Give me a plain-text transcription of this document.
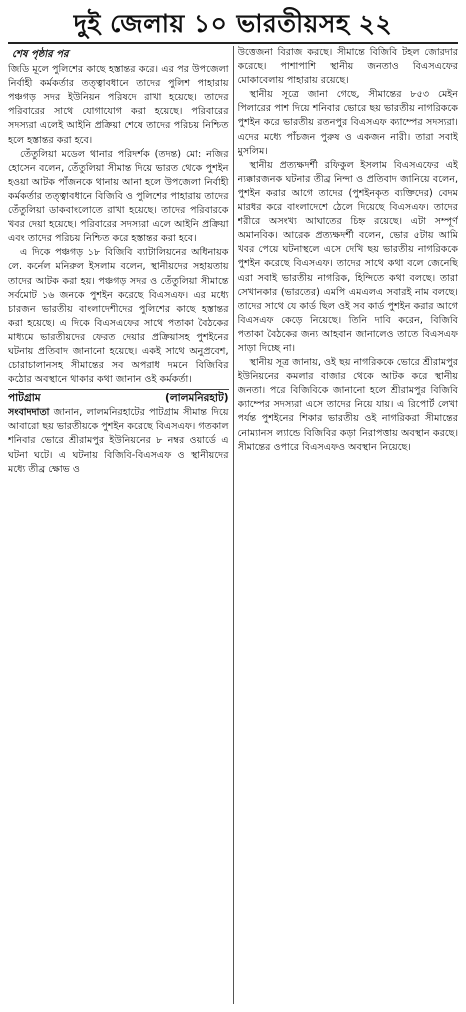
দুই জেলায় ১০ ভারতীয়সহ ২২
শেষ পৃষ্ঠার পর

জিডি মূলে পুলিশের কাছে হস্তান্তর করে। এর পর উপজেলা নির্বাহী কর্মকর্তার তত্ত্বাবধানে তাদের পুলিশ পাহারায় পঞ্চগড় সদর ইউনিয়ন পরিষদে রাখা হয়েছে। তাদের পরিবারের সাথে যোগাযোগ করা হয়েছে। পরিবারের সদস্যরা এলেই আইনি প্রক্রিয়া শেষে তাদের পরিচয় নিশ্চিত হলে হস্তান্তর করা হবে।

তেঁতুলিয়া মডেল থানার পরিদর্শক (তদন্ত) মো: নজির হোসেন বলেন, তেঁতুলিয়া সীমান্ত দিয়ে ভারত থেকে পুশইন হওয়া আটক পাঁজনকে থানায় আনা হলে উপজেলা নির্বাহী কর্মকর্তার তত্ত্বাবধানে বিজিবি ও পুলিশের পাহারায় তাদের তেঁতুলিয়া ডাকবাংলোতে রাখা হয়েছে। তাদের পরিবারকে খবর দেয়া হয়েছে। পরিবারের সদস্যরা এলে আইনি প্রক্রিয়া এবং তাদের পরিচয় নিশ্চিত করে হস্তান্তর করা হবে।

এ দিকে পঞ্চগড় ১৮ বিজিবি ব্যাটালিয়নের অধিনায়ক লে. কর্নেল মনিরুল ইসলাম বলেন, স্থানীয়দের সহায়তায় তাদের আটক করা হয়। পঞ্চগড় সদর ও তেঁতুলিয়া সীমান্তে সর্বমোট ১৬ জনকে পুশইন করেছে বিএসএফ। এর মধ্যে চারজন ভারতীয় বাংলাদেশীদের পুলিশের কাছে হস্তান্তর করা হয়েছে। এ দিকে বিএসএফের সাথে পতাকা বৈঠকের মাধ্যমে ভারতীয়দের ফেরত দেয়ার প্রক্রিয়াসহ পুশইনের ঘটনায় প্রতিবাদ জানানো হয়েছে। একই সাথে অনুপ্রবেশ, চোরাচালানসহ সীমান্তের সব অপরাধ দমনে বিজিবির কঠোর অবস্থানে থাকার কথা জানান ওই কর্মকর্তা।

পাটগ্রাম	(লালমনিরহাট)

সংবাদদাতা জানান, লালমনিরহাটের পাটগ্রাম সীমান্ত দিয়ে আবারো ছয় ভারতীয়কে পুশইন করেছে বিএসএফ। গতকাল শনিবার ভোরে শ্রীরামপুর ইউনিয়নের ৮ নম্বর ওয়ার্ডে এ ঘটনা ঘটে। এ ঘটনায় বিজিবি-বিএসএফ ও স্থানীয়দের মধ্যে তীব্র ক্ষোভ ও

উত্তেজনা বিরাজ করছে। সীমান্তে বিজিবি টহল জোরদার করেছে। পাশাপাশি স্থানীয় জনতাও বিএসএফের মোকাবেলায় পাহারায় রয়েছে।

স্থানীয় সূত্রে জানা গেছে, সীমান্তের ৮৫৩ মেইন পিলারের পাশ দিয়ে শনিবার ভোরে ছয় ভারতীয় নাগরিককে পুশইন করে ভারতীয় রতনপুর বিএসএফ ক্যাম্পের সদস্যরা। এদের মধ্যে পাঁচজন পুরুষ ও একজন নারী। তারা সবাই মুসলিম।

স্থানীয় প্রত্যক্ষদর্শী রফিকুল ইসলাম বিএসএফের এই ন্যক্কারজনক ঘটনার তীব্র নিন্দা ও প্রতিবাদ জানিয়ে বলেন, পুশইন করার আগে তাদের (পুশইনকৃত ব্যক্তিদের) বেদম মারধর করে বাংলাদেশে ঠেলে দিয়েছে বিএসএফ। তাদের শরীরে অসংখ্য আঘাতের চিহ্ন রয়েছে। এটা সম্পূর্ণ অমানবিক। আরেক প্রত্যক্ষদর্শী বলেন, ভোর ৫টায় আমি খবর পেয়ে ঘটনাস্থলে এসে দেখি ছয় ভারতীয় নাগরিককে পুশইন করেছে বিএসএফ। তাদের সাথে কথা বলে জেনেছি এরা সবাই ভারতীয় নাগরিক, হিন্দিতে কথা বলছে। তারা সেখানকার (ভারতের) এমপি এমএলএ সবারই নাম বলছে। তাদের সাথে যে কার্ড ছিল ওই সব কার্ড পুশইন করার আগে বিএসএফ কেড়ে নিয়েছে। তিনি দাবি করেন, বিজিবি পতাকা বৈঠকের জন্য আহবান জানালেও তাতে বিএসএফ সাড়া দিচ্ছে না।

স্থানীয় সূত্র জানায়, ওই ছয় নাগরিককে ভোরে শ্রীরামপুর ইউনিয়নের কমলার বাজার থেকে আটক করে স্থানীয় জনতা। পরে বিজিবিকে জানানো হলে শ্রীরামপুর বিজিবি ক্যাম্পের সদস্যরা এসে তাদের নিয়ে যায়। এ রিপোর্ট লেখা পর্যন্ত পুশইনের শিকার ভারতীয় ওই নাগরিকরা সীমান্তের নোম্যানস ল্যান্ডে বিজিবির কড়া নিরাপত্তায় অবস্থান করছে। সীমান্তের ওপারে বিএসএফও অবস্থান নিয়েছে।
